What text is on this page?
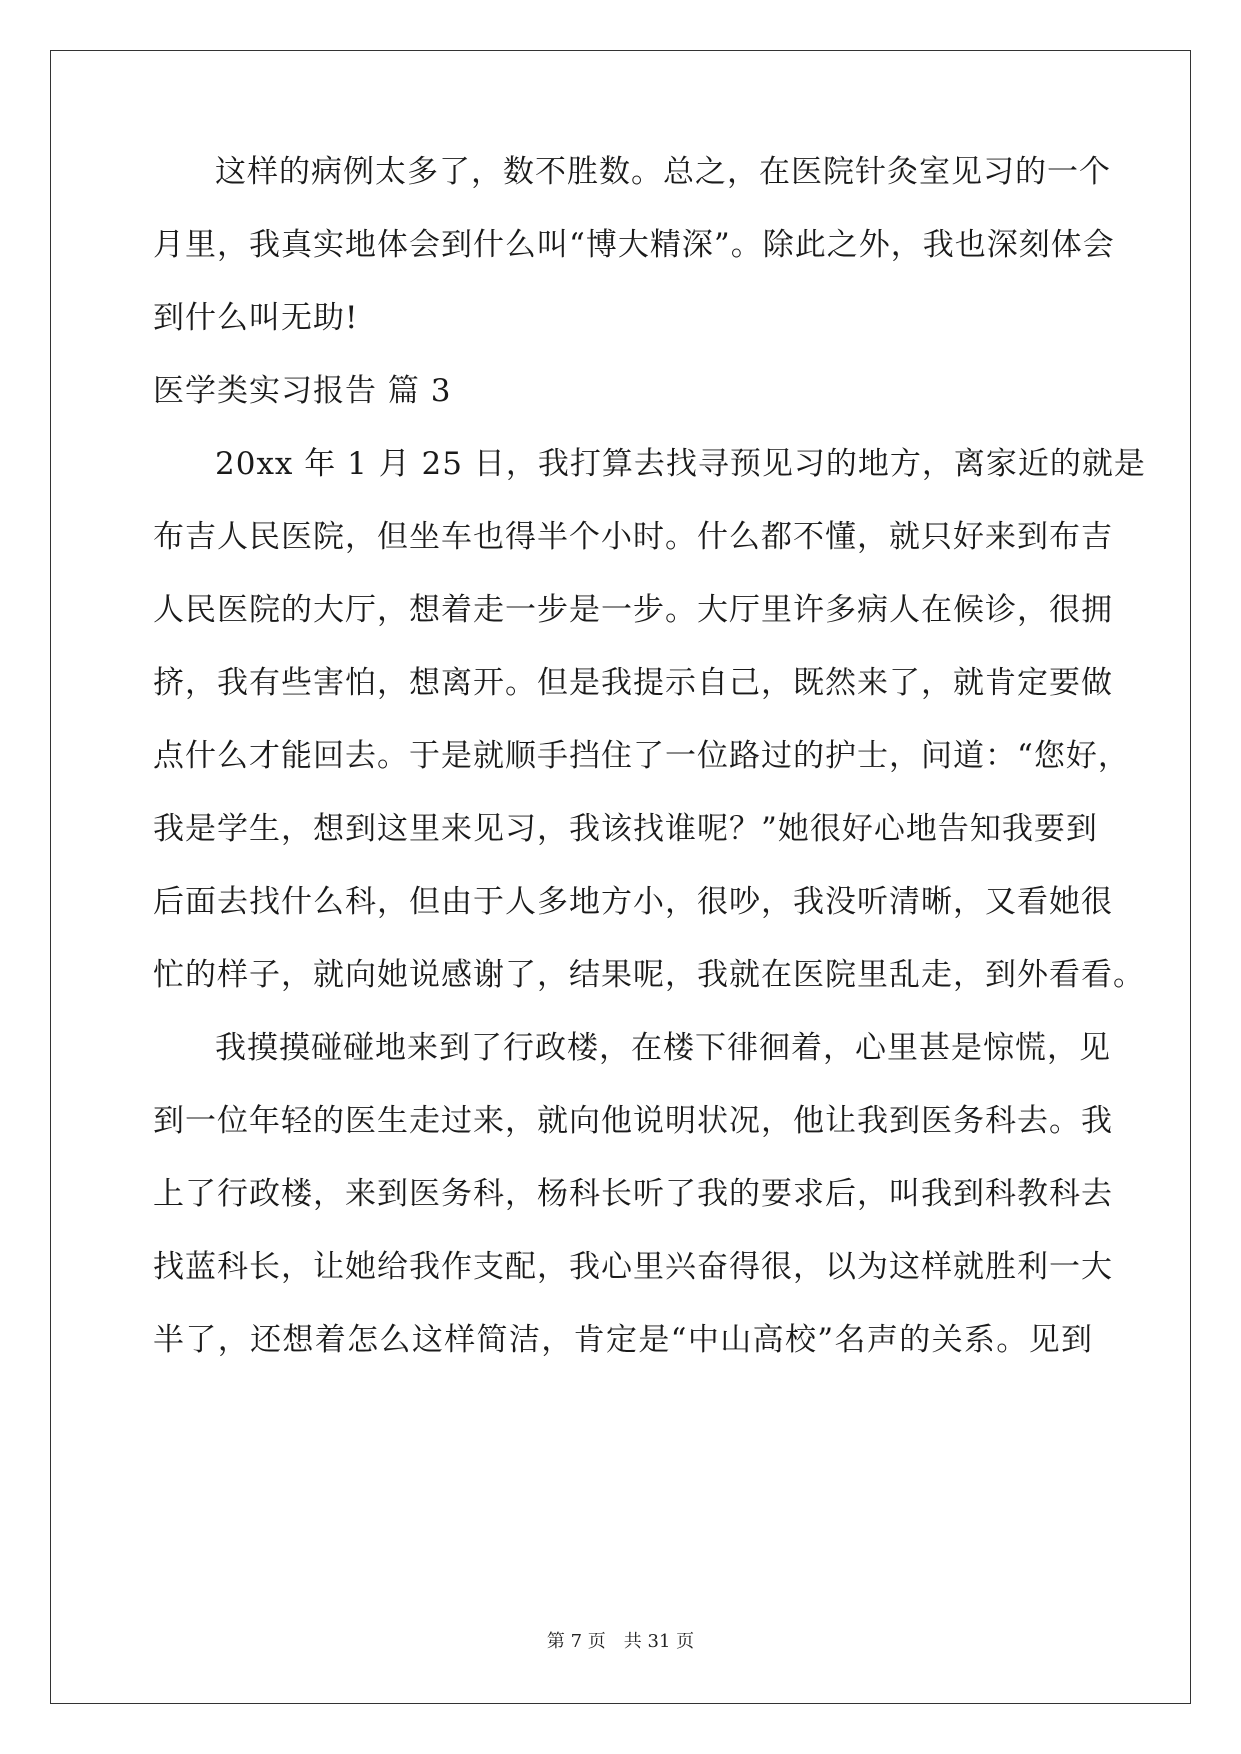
这样的病例太多了，数不胜数。总之，在医院针灸室见习的一个
月里，我真实地体会到什么叫“博大精深”。除此之外，我也深刻体会
到什么叫无助!
医学类实习报告 篇 3
20xx 年 1 月 25 日，我打算去找寻预见习的地方，离家近的就是
布吉人民医院，但坐车也得半个小时。什么都不懂，就只好来到布吉
人民医院的大厅，想着走一步是一步。大厅里许多病人在候诊，很拥
挤，我有些害怕，想离开。但是我提示自己，既然来了，就肯定要做
点什么才能回去。于是就顺手挡住了一位路过的护士，问道：“您好，
我是学生，想到这里来见习，我该找谁呢？”她很好心地告知我要到
后面去找什么科，但由于人多地方小，很吵，我没听清晰，又看她很
忙的样子，就向她说感谢了，结果呢，我就在医院里乱走，到外看看。
我摸摸碰碰地来到了行政楼，在楼下徘徊着，心里甚是惊慌，见
到一位年轻的医生走过来，就向他说明状况，他让我到医务科去。我
上了行政楼，来到医务科，杨科长听了我的要求后，叫我到科教科去
找蓝科长，让她给我作支配，我心里兴奋得很，以为这样就胜利一大
半了，还想着怎么这样简洁，肯定是“中山高校”名声的关系。见到
第 7 页 共 31 页
